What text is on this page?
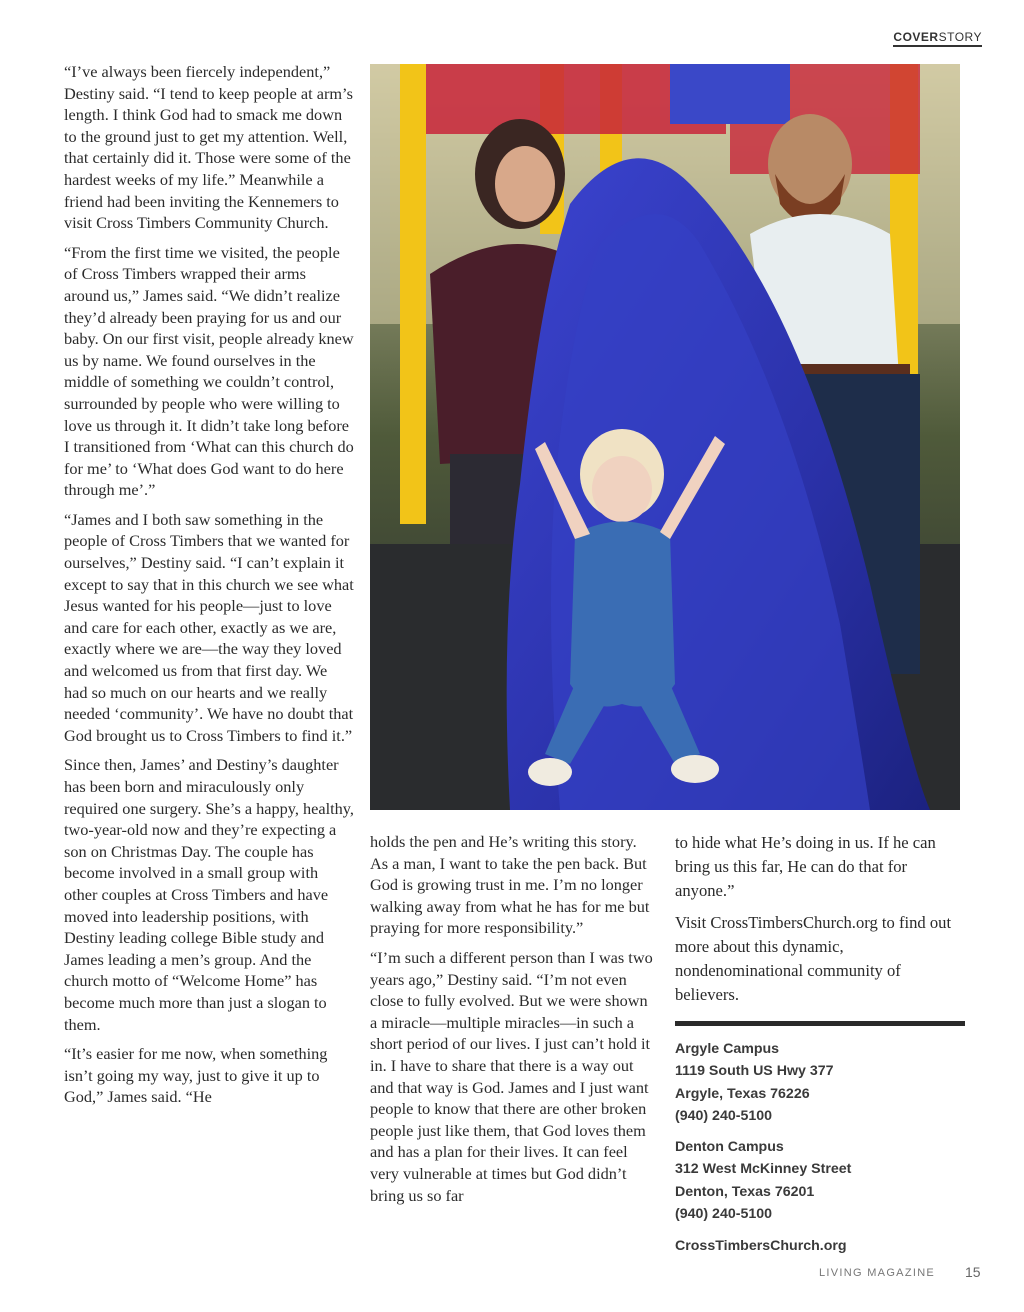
COVERSTORY

“I’ve always been fiercely independent,” Destiny said. “I tend to keep people at arm’s length. I think God had to smack me down to the ground just to get my attention. Well, that certainly did it. Those were some of the hardest weeks of my life.” Meanwhile a friend had been inviting the Kennemers to visit Cross Timbers Community Church.

“From the first time we visited, the people of Cross Timbers wrapped their arms around us,” James said. “We didn’t realize they’d already been praying for us and our baby. On our first visit, people already knew us by name. We found ourselves in the middle of something we couldn’t control, surrounded by people who were willing to love us through it. It didn’t take long before I transitioned from ‘What can this church do for me’ to ‘What does God want to do here through me’.”

“James and I both saw something in the people of Cross Timbers that we wanted for ourselves,” Destiny said. “I can’t explain it except to say that in this church we see what Jesus wanted for his people—just to love and care for each other, exactly as we are, exactly where we are—the way they loved and welcomed us from that first day. We had so much on our hearts and we really needed ‘community’. We have no doubt that God brought us to Cross Timbers to find it.”

Since then, James’ and Destiny’s daughter has been born and miraculously only required one surgery. She’s a happy, healthy, two-year-old now and they’re expecting a son on Christmas Day. The couple has become involved in a small group with other couples at Cross Timbers and have moved into leadership positions, with Destiny leading college Bible study and James leading a men’s group. And the church motto of “Welcome Home” has become much more than just a slogan to them.

“It’s easier for me now, when something isn’t going my way, just to give it up to God,” James said. “He

holds the pen and He’s writing this story. As a man, I want to take the pen back. But God is growing trust in me. I’m no longer walking away from what he has for me but praying for more responsibility.”

“I’m such a different person than I was two years ago,” Destiny said. “I’m not even close to fully evolved. But we were shown a miracle—multiple miracles—in such a short period of our lives. I just can’t hold it in. I have to share that there is a way out and that way is God. James and I just want people to know that there are other broken people just like them, that God loves them and has a plan for their lives. It can feel very vulnerable at times but God didn’t bring us so far

to hide what He’s doing in us. If he can bring us this far, He can do that for anyone.”

Visit CrossTimbersChurch.org to find out more about this dynamic, nondenominational community of believers.

Argyle Campus
1119 South US Hwy 377
Argyle, Texas 76226
(940) 240-5100
Denton Campus
312 West McKinney Street
Denton, Texas 76201
(940) 240-5100
CrossTimbersChurch.org
LIVING MAGAZINE 15
